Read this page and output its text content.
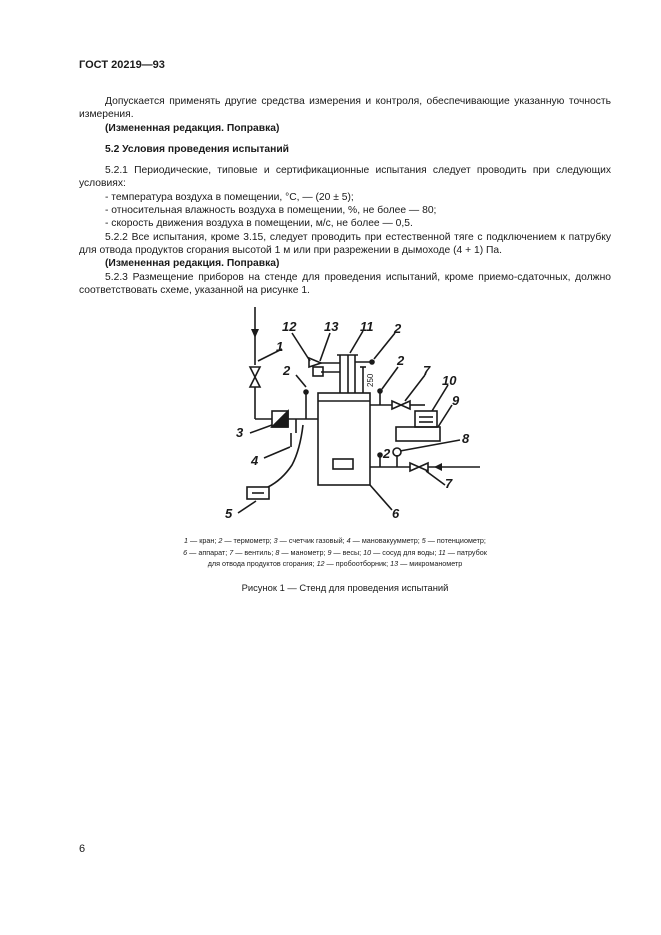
ГОСТ 20219—93

Допускается применять другие средства измерения и контроля, обеспечивающие указанную точность измерения.

(Измененная редакция. Поправка)

5.2 Условия проведения испытаний

5.2.1 Периодические, типовые и сертификационные испытания следует проводить при следующих условиях:

- температура воздуха в помещении, °С, — (20 ± 5);

- относительная влажность воздуха в помещении, %, не более — 80;

- скорость движения воздуха в помещении, м/с, не более — 0,5.

5.2.2 Все испытания, кроме 3.15, следует проводить при естественной тяге с подключением к патрубку для отвода продуктов сгорания высотой 1 м или при разрежении в дымоходе (4 + 1) Па.

(Измененная редакция. Поправка)

5.2.3 Размещение приборов на стенде для проведения испытаний, кроме приемо-сдаточных, должно соответствовать схеме, указанной на рисунке 1.

1
2
3
4
5
12 13 11 2
2
7
10
9
8
2
7
6
250
1 — кран; 2 — термометр; 3 — счетчик газовый; 4 — мановакуумметр; 5 — потенциометр;
6 — аппарат; 7 — вентиль; 8 — манометр; 9 — весы; 10 — сосуд для воды; 11 — патрубок
для отвода продуктов сгорания; 12 — пробоотборник; 13 — микроманометр
Рисунок 1 — Стенд для проведения испытаний
6
